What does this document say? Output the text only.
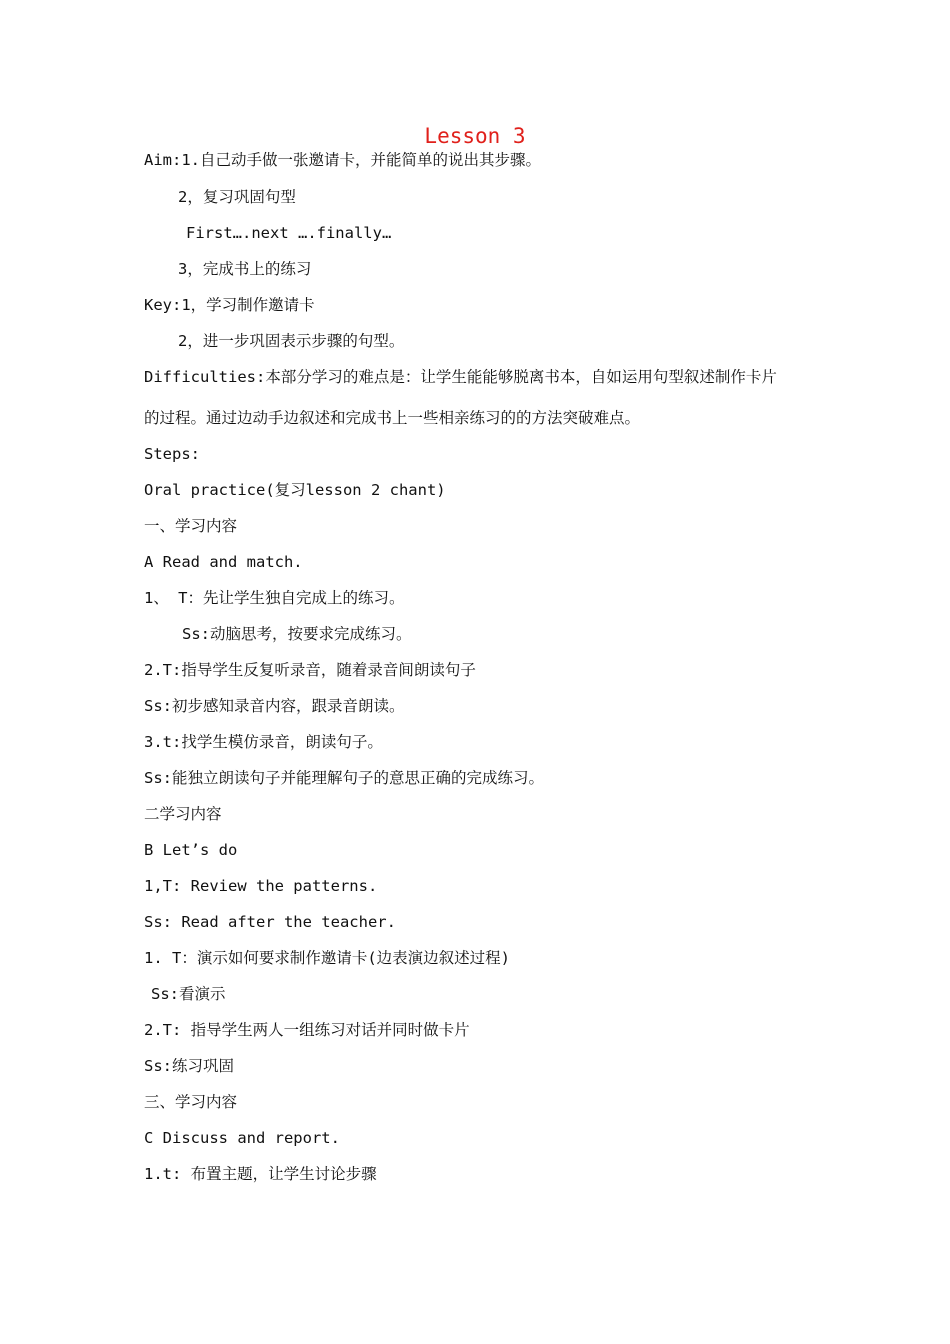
Lesson 3
Aim:1.自己动手做一张邀请卡，并能简单的说出其步骤。
2，复习巩固句型
First….next ….finally…
3，完成书上的练习
Key:1，学习制作邀请卡
2，进一步巩固表示步骤的句型。
Difficulties:本部分学习的难点是：让学生能能够脱离书本，自如运用句型叙述制作卡片
的过程。通过边动手边叙述和完成书上一些相亲练习的的方法突破难点。
Steps:
Oral practice(复习lesson 2 chant)
一、学习内容
A Read and match.
1、 T：先让学生独自完成上的练习。
Ss:动脑思考，按要求完成练习。
2.T:指导学生反复听录音，随着录音间朗读句子
Ss:初步感知录音内容，跟录音朗读。
3.t:找学生模仿录音，朗读句子。
Ss:能独立朗读句子并能理解句子的意思正确的完成练习。
二学习内容
B Let’s do
1,T: Review the patterns.
Ss: Read after the teacher.
1. T：演示如何要求制作邀请卡(边表演边叙述过程)
Ss:看演示
2.T: 指导学生两人一组练习对话并同时做卡片
Ss:练习巩固
三、学习内容
C Discuss and report.
1.t: 布置主题，让学生讨论步骤
